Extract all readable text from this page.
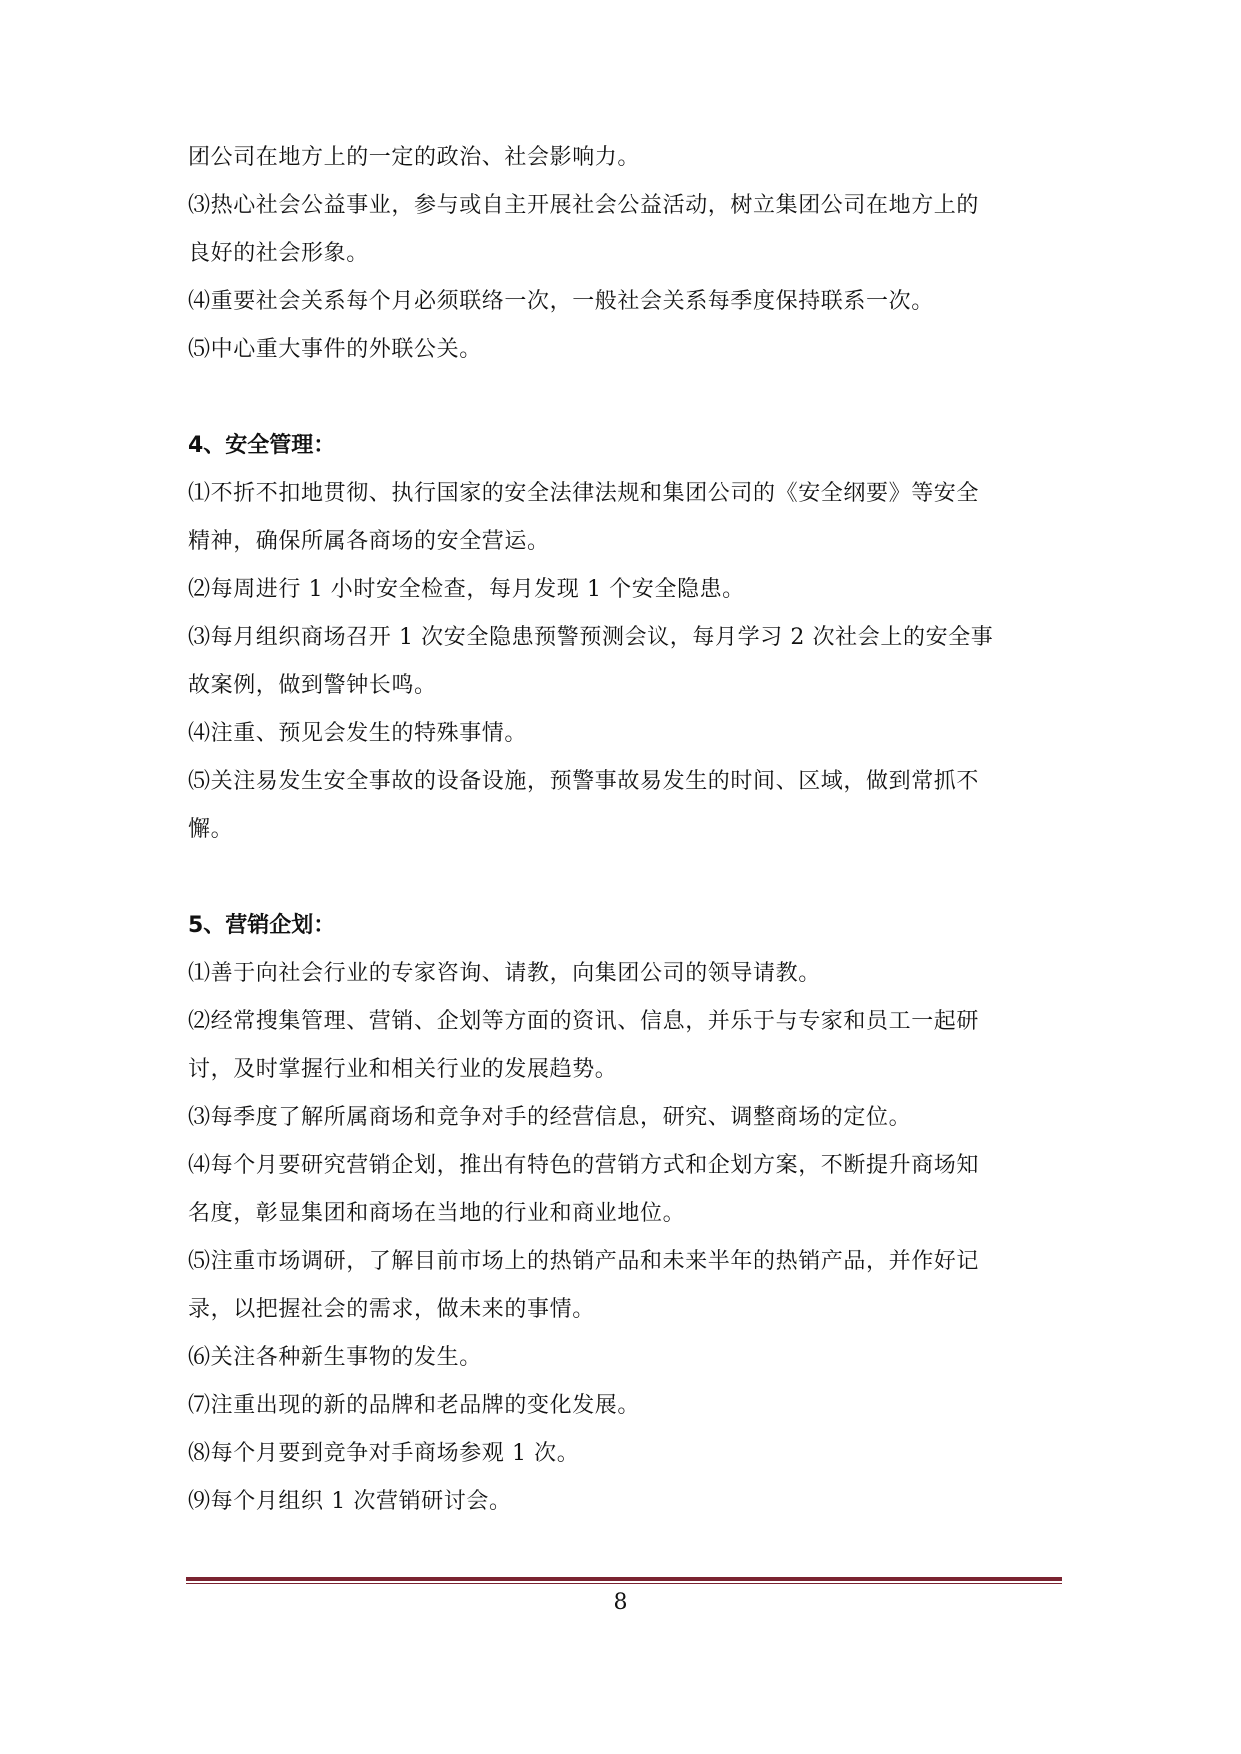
团公司在地方上的一定的政治、社会影响力。
⑶热心社会公益事业，参与或自主开展社会公益活动，树立集团公司在地方上的
良好的社会形象。
⑷重要社会关系每个月必须联络一次，一般社会关系每季度保持联系一次。
⑸中心重大事件的外联公关。
4、安全管理：
⑴不折不扣地贯彻、执行国家的安全法律法规和集团公司的《安全纲要》等安全
精神，确保所属各商场的安全营运。
⑵每周进行 1 小时安全检查，每月发现 1 个安全隐患。
⑶每月组织商场召开 1 次安全隐患预警预测会议，每月学习 2 次社会上的安全事
故案例，做到警钟长鸣。
⑷注重、预见会发生的特殊事情。
⑸关注易发生安全事故的设备设施，预警事故易发生的时间、区域，做到常抓不
懈。
5、营销企划：
⑴善于向社会行业的专家咨询、请教，向集团公司的领导请教。
⑵经常搜集管理、营销、企划等方面的资讯、信息，并乐于与专家和员工一起研
讨，及时掌握行业和相关行业的发展趋势。
⑶每季度了解所属商场和竞争对手的经营信息，研究、调整商场的定位。
⑷每个月要研究营销企划，推出有特色的营销方式和企划方案，不断提升商场知
名度，彰显集团和商场在当地的行业和商业地位。
⑸注重市场调研，了解目前市场上的热销产品和未来半年的热销产品，并作好记
录，以把握社会的需求，做未来的事情。
⑹关注各种新生事物的发生。
⑺注重出现的新的品牌和老品牌的变化发展。
⑻每个月要到竞争对手商场参观 1 次。
⑼每个月组织 1 次营销研讨会。
8
